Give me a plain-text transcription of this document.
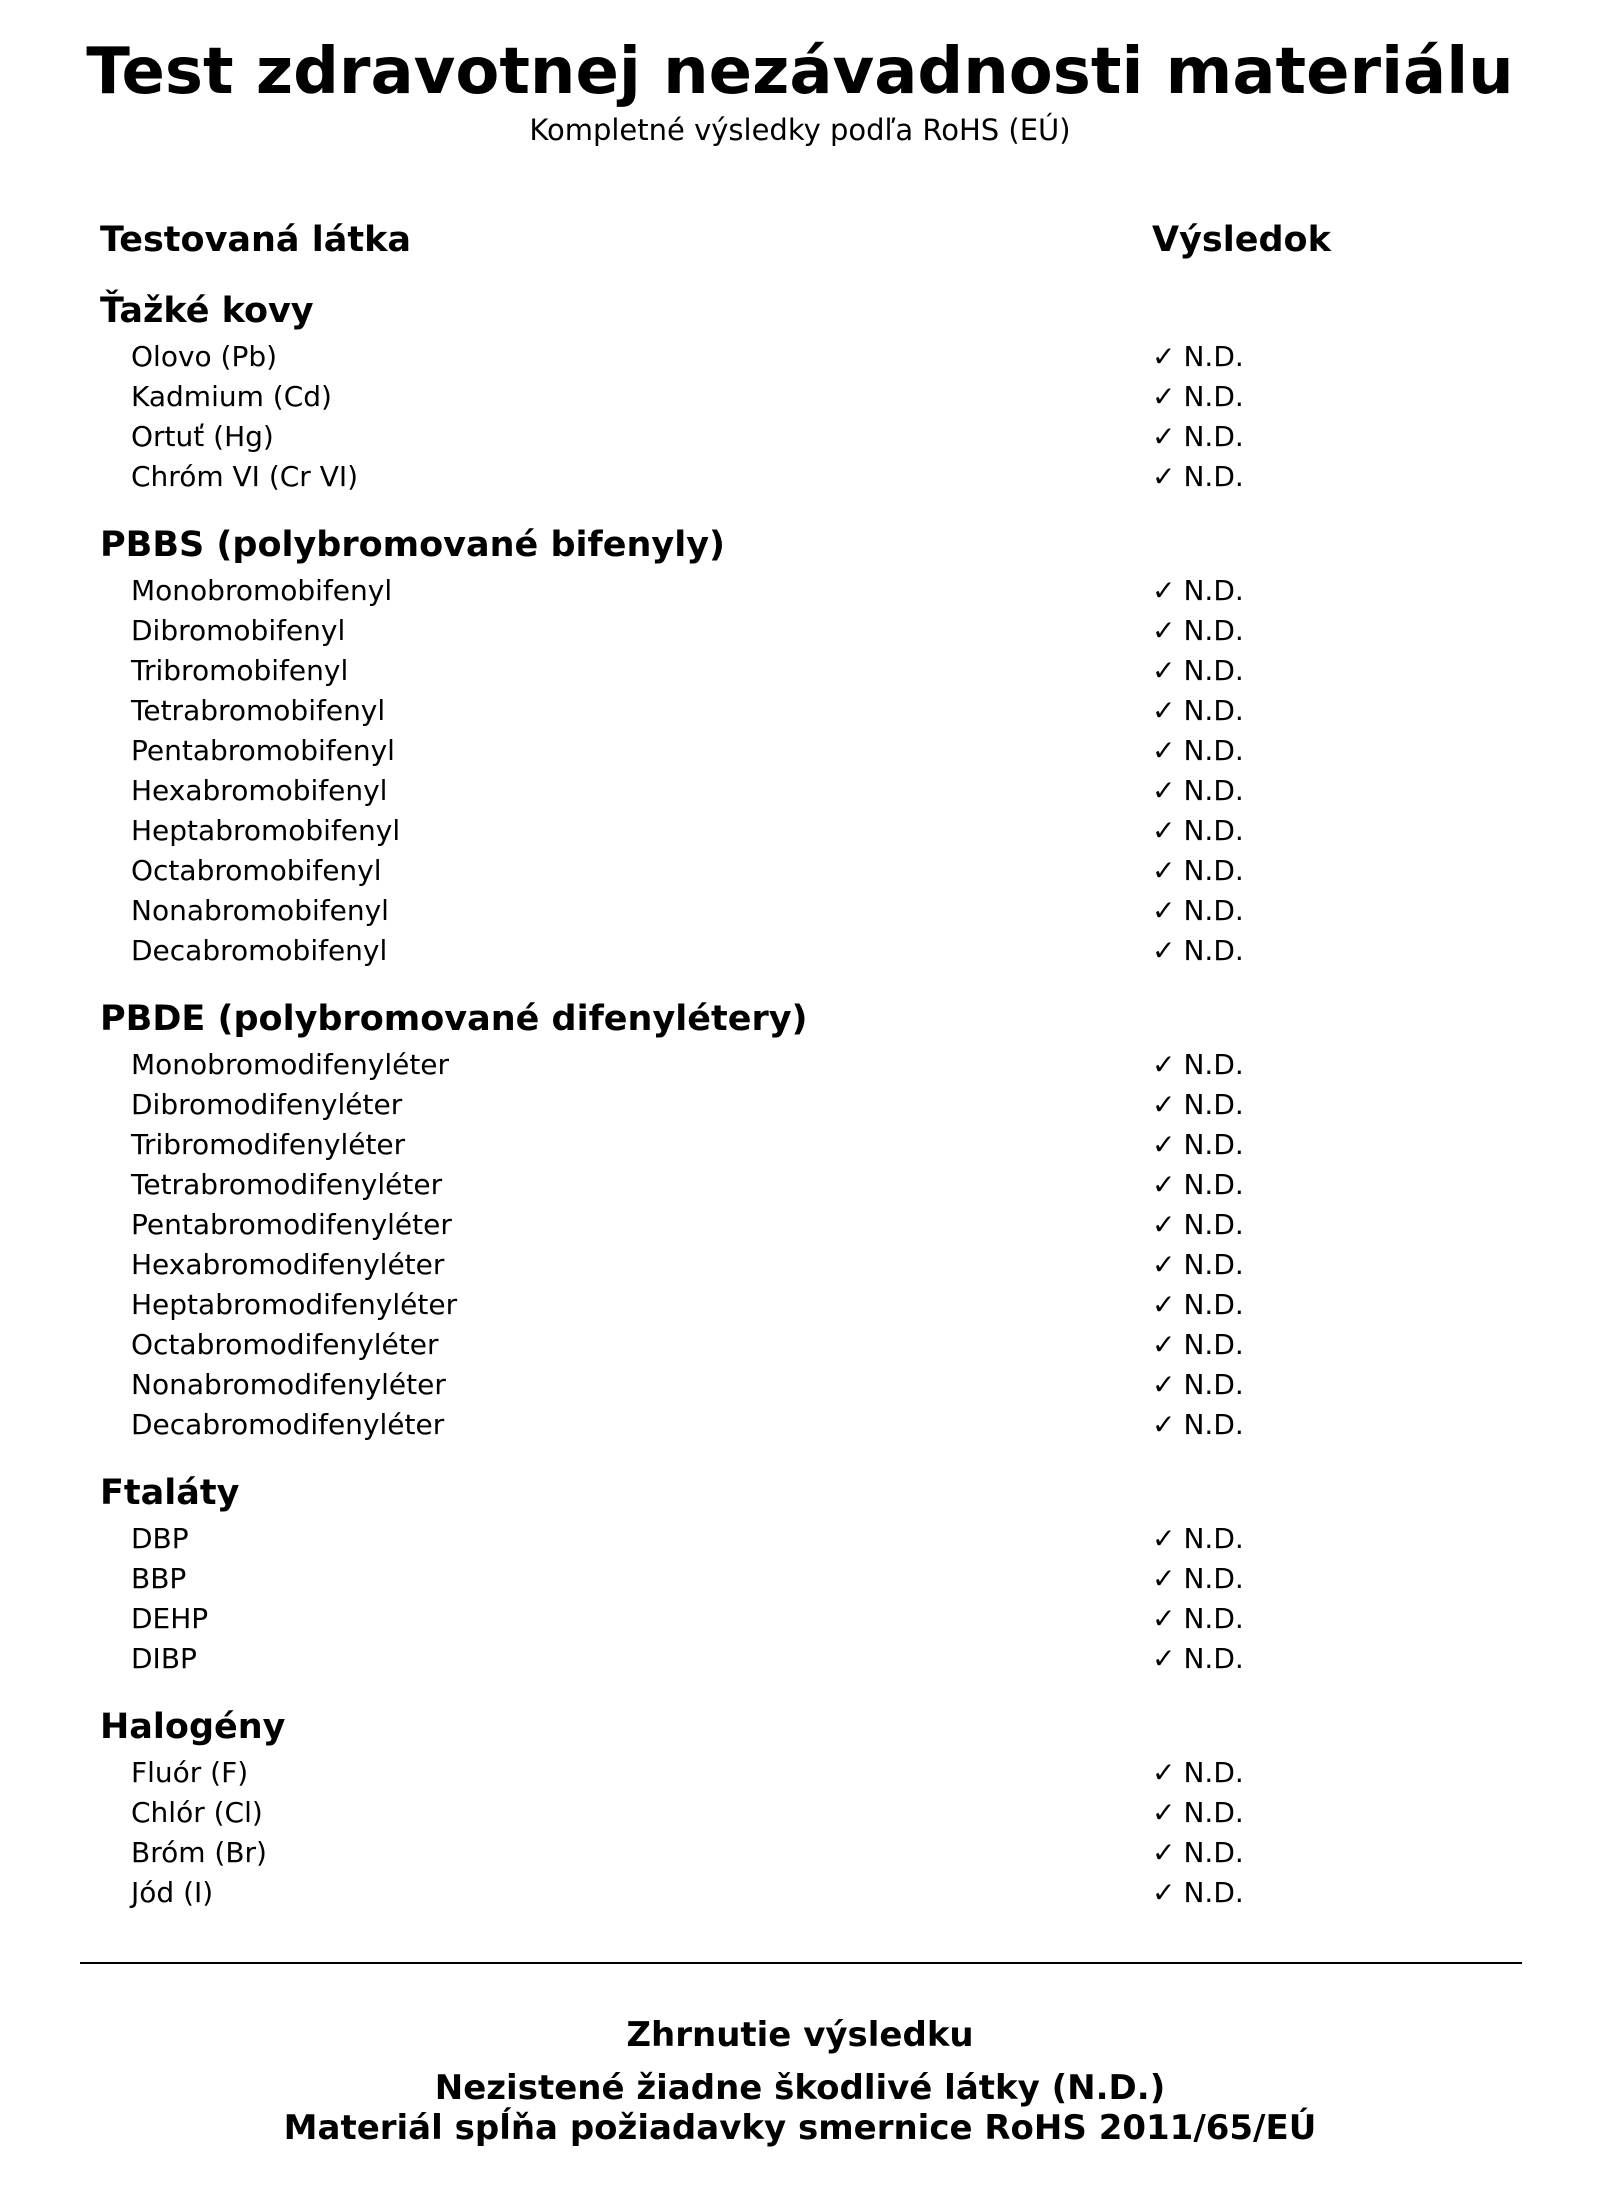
Test zdravotnej nezávadnosti materiálu
Kompletné výsledky podľa RoHS (EÚ)
Testovaná látka	Výsledok
Ťažké kovy
Olovo (Pb)	✓ N.D.
Kadmium (Cd)	✓ N.D.
Ortuť (Hg)	✓ N.D.
Chróm VI (Cr VI)	✓ N.D.
PBBS (polybromované bifenyly)
Monobromobifenyl	✓ N.D.
Dibromobifenyl	✓ N.D.
Tribromobifenyl	✓ N.D.
Tetrabromobifenyl	✓ N.D.
Pentabromobifenyl	✓ N.D.
Hexabromobifenyl	✓ N.D.
Heptabromobifenyl	✓ N.D.
Octabromobifenyl	✓ N.D.
Nonabromobifenyl	✓ N.D.
Decabromobifenyl	✓ N.D.
PBDE (polybromované difenylétery)
Monobromodifenyléter	✓ N.D.
Dibromodifenyléter	✓ N.D.
Tribromodifenyléter	✓ N.D.
Tetrabromodifenyléter	✓ N.D.
Pentabromodifenyléter	✓ N.D.
Hexabromodifenyléter	✓ N.D.
Heptabromodifenyléter	✓ N.D.
Octabromodifenyléter	✓ N.D.
Nonabromodifenyléter	✓ N.D.
Decabromodifenyléter	✓ N.D.
Ftaláty
DBP	✓ N.D.
BBP	✓ N.D.
DEHP	✓ N.D.
DIBP	✓ N.D.
Halogény
Fluór (F)	✓ N.D.
Chlór (Cl)	✓ N.D.
Bróm (Br)	✓ N.D.
Jód (I)	✓ N.D.
Zhrnutie výsledku
Nezistené žiadne škodlivé látky (N.D.)
Materiál spĺňa požiadavky smernice RoHS 2011/65/EÚ
